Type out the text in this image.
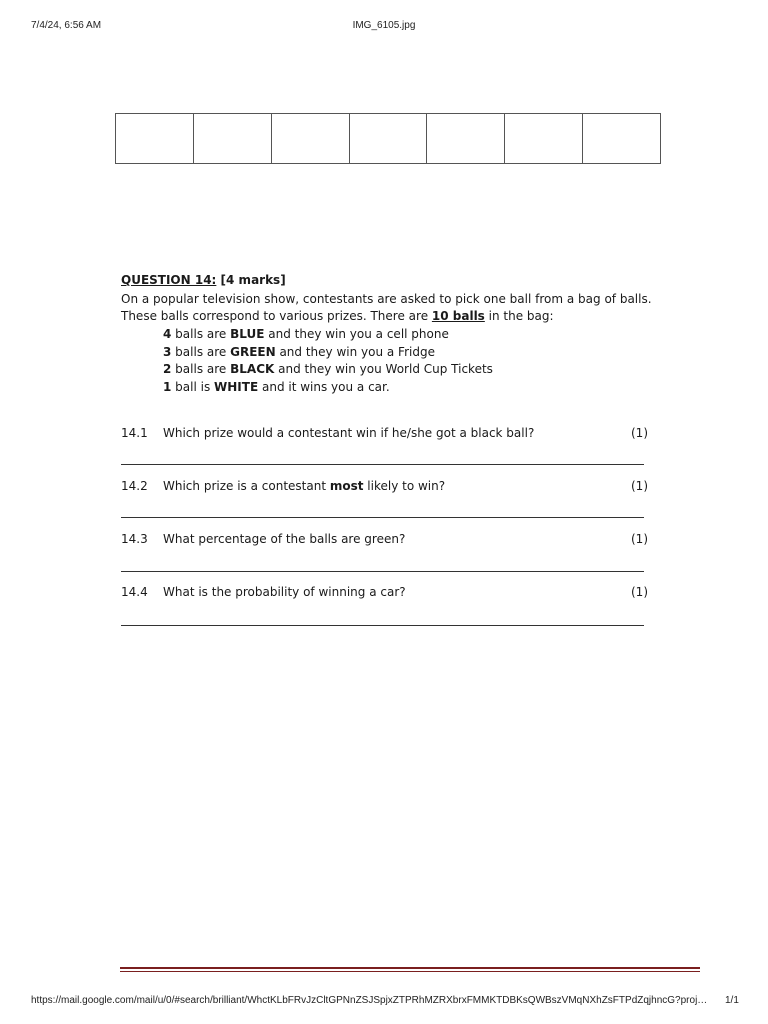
7/4/24, 6:56 AM	IMG_6105.jpg
QUESTION 14: [4 marks]
On a popular television show, contestants are asked to pick one ball from a bag of balls. These balls correspond to various prizes. There are 10 balls in the bag:
4 balls are BLUE and they win you a cell phone
3 balls are GREEN and they win you a Fridge
2 balls are BLACK and they win you World Cup Tickets
1 ball is WHITE and it wins you a car.
14.1 Which prize would a contestant win if he/she got a black ball?	(1)
14.2 Which prize is a contestant most likely to win?	(1)
14.3 What percentage of the balls are green?	(1)
14.4 What is the probability of winning a car?	(1)
https://mail.google.com/mail/u/0/#search/brilliant/WhctKLbFRvJzCltGPNnZSJSpjxZTPRhMZRXbrxFMMKTDBKsQWBszVMqNXhZsFTPdZqjhncG?proj… 1/1
